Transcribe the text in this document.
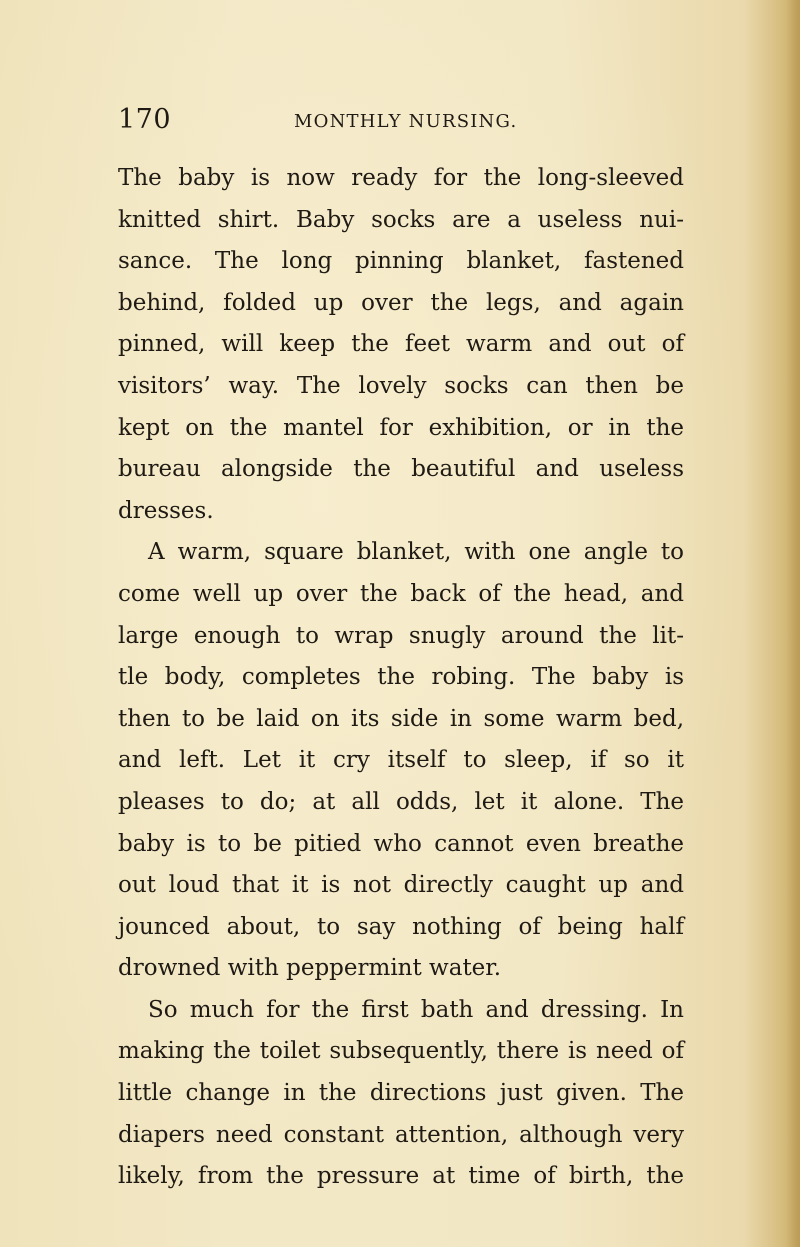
170	MONTHLY NURSING.
The baby is now ready for the long-sleeved
knitted shirt. Baby socks are a useless nui-
sance. The long pinning blanket, fastened
behind, folded up over the legs, and again
pinned, will keep the feet warm and out of
visitors’ way. The lovely socks can then be
kept on the mantel for exhibition, or in the
bureau alongside the beautiful and useless
dresses.
A warm, square blanket, with one angle to
come well up over the back of the head, and
large enough to wrap snugly around the lit-
tle body, completes the robing. The baby is
then to be laid on its side in some warm bed,
and left. Let it cry itself to sleep, if so it
pleases to do; at all odds, let it alone. The
baby is to be pitied who cannot even breathe
out loud that it is not directly caught up and
jounced about, to say nothing of being half
drowned with peppermint water.
So much for the first bath and dressing. In
making the toilet subsequently, there is need of
little change in the directions just given. The
diapers need constant attention, although very
likely, from the pressure at time of birth, the
